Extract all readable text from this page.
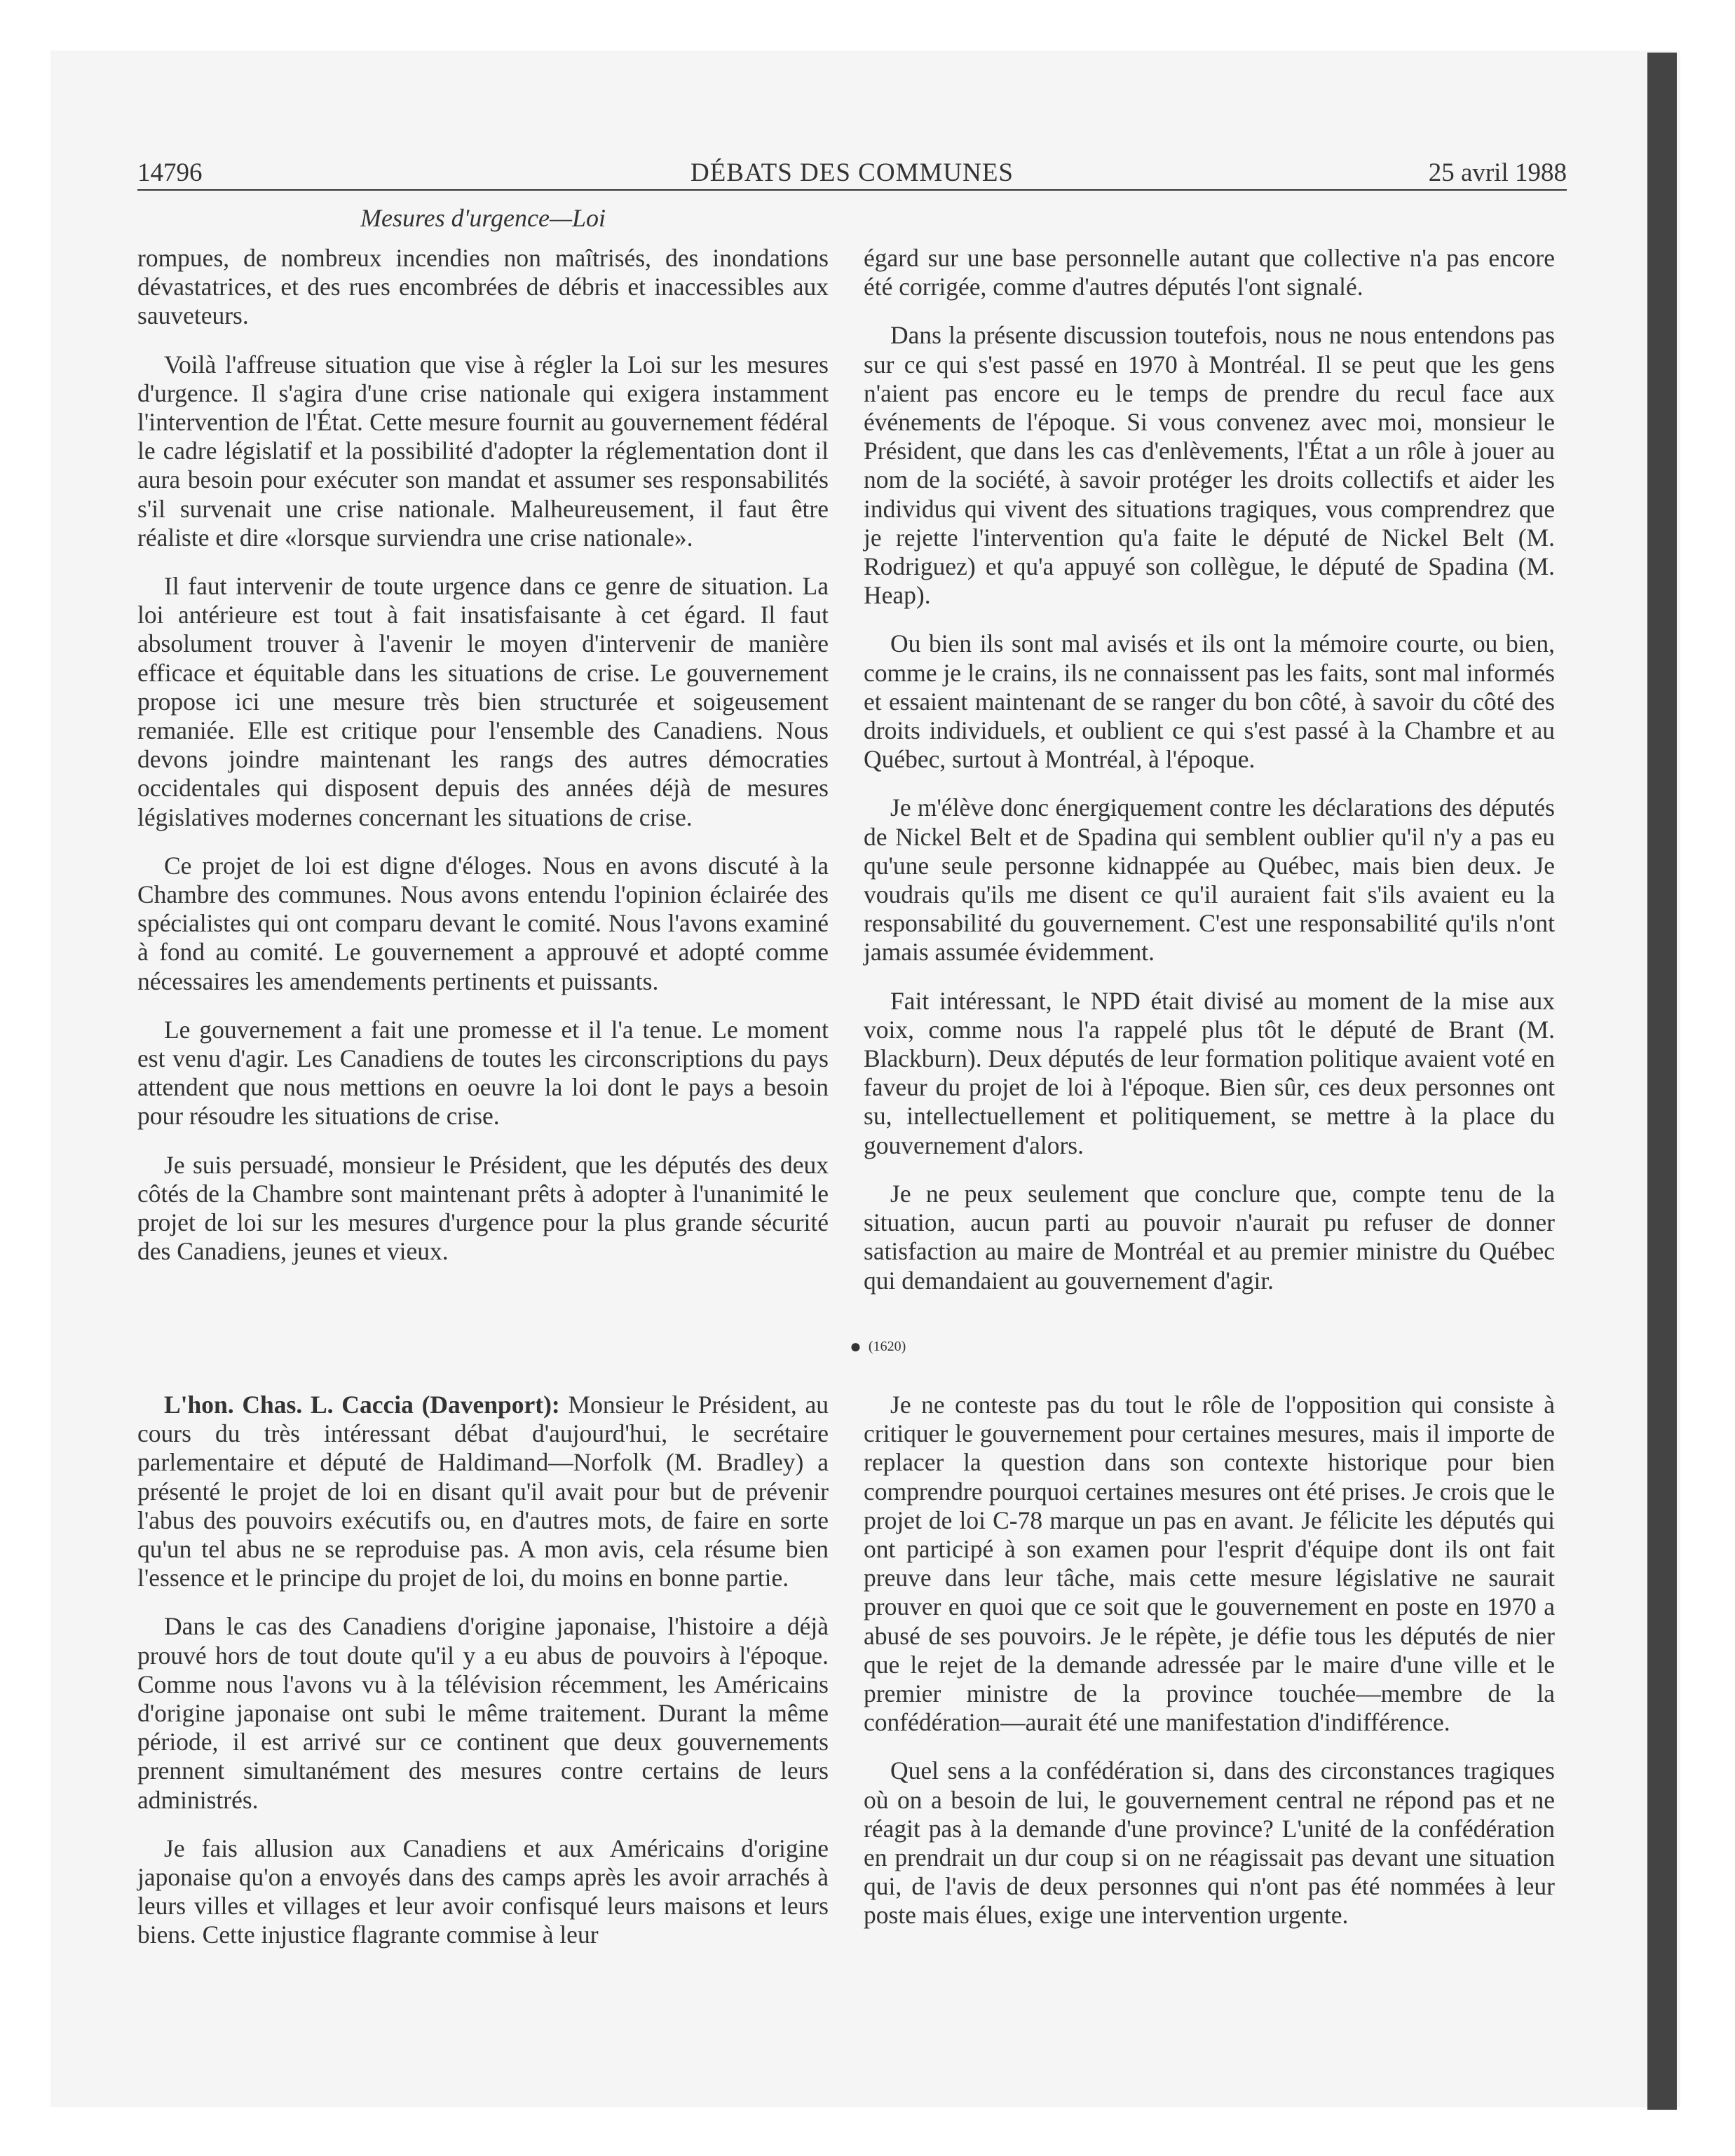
14796	DÉBATS DES COMMUNES	25 avril 1988
Mesures d'urgence—Loi

rompues, de nombreux incendies non maîtrisés, des inondations dévastatrices, et des rues encombrées de débris et inaccessibles aux sauveteurs.

Voilà l'affreuse situation que vise à régler la Loi sur les mesures d'urgence. Il s'agira d'une crise nationale qui exigera instamment l'intervention de l'État. Cette mesure fournit au gouvernement fédéral le cadre législatif et la possibilité d'adopter la réglementation dont il aura besoin pour exécuter son mandat et assumer ses responsabilités s'il survenait une crise nationale. Malheureusement, il faut être réaliste et dire «lorsque surviendra une crise nationale».

Il faut intervenir de toute urgence dans ce genre de situation. La loi antérieure est tout à fait insatisfaisante à cet égard. Il faut absolument trouver à l'avenir le moyen d'intervenir de manière efficace et équitable dans les situations de crise. Le gouvernement propose ici une mesure très bien structurée et soigeusement remaniée. Elle est critique pour l'ensemble des Canadiens. Nous devons joindre maintenant les rangs des autres démocraties occidentales qui disposent depuis des années déjà de mesures législatives modernes concernant les situations de crise.

Ce projet de loi est digne d'éloges. Nous en avons discuté à la Chambre des communes. Nous avons entendu l'opinion éclairée des spécialistes qui ont comparu devant le comité. Nous l'avons examiné à fond au comité. Le gouvernement a approuvé et adopté comme nécessaires les amendements pertinents et puissants.

Le gouvernement a fait une promesse et il l'a tenue. Le moment est venu d'agir. Les Canadiens de toutes les circonscriptions du pays attendent que nous mettions en oeuvre la loi dont le pays a besoin pour résoudre les situations de crise.

Je suis persuadé, monsieur le Président, que les députés des deux côtés de la Chambre sont maintenant prêts à adopter à l'unanimité le projet de loi sur les mesures d'urgence pour la plus grande sécurité des Canadiens, jeunes et vieux.

égard sur une base personnelle autant que collective n'a pas encore été corrigée, comme d'autres députés l'ont signalé.

Dans la présente discussion toutefois, nous ne nous entendons pas sur ce qui s'est passé en 1970 à Montréal. Il se peut que les gens n'aient pas encore eu le temps de prendre du recul face aux événements de l'époque. Si vous convenez avec moi, monsieur le Président, que dans les cas d'enlèvements, l'État a un rôle à jouer au nom de la société, à savoir protéger les droits collectifs et aider les individus qui vivent des situations tragiques, vous comprendrez que je rejette l'intervention qu'a faite le député de Nickel Belt (M. Rodriguez) et qu'a appuyé son collègue, le député de Spadina (M. Heap).

Ou bien ils sont mal avisés et ils ont la mémoire courte, ou bien, comme je le crains, ils ne connaissent pas les faits, sont mal informés et essaient maintenant de se ranger du bon côté, à savoir du côté des droits individuels, et oublient ce qui s'est passé à la Chambre et au Québec, surtout à Montréal, à l'époque.

Je m'élève donc énergiquement contre les déclarations des députés de Nickel Belt et de Spadina qui semblent oublier qu'il n'y a pas eu qu'une seule personne kidnappée au Québec, mais bien deux. Je voudrais qu'ils me disent ce qu'il auraient fait s'ils avaient eu la responsabilité du gouvernement. C'est une responsabilité qu'ils n'ont jamais assumée évidemment.

Fait intéressant, le NPD était divisé au moment de la mise aux voix, comme nous l'a rappelé plus tôt le député de Brant (M. Blackburn). Deux députés de leur formation politique avaient voté en faveur du projet de loi à l'époque. Bien sûr, ces deux personnes ont su, intellectuellement et politiquement, se mettre à la place du gouvernement d'alors.

Je ne peux seulement que conclure que, compte tenu de la situation, aucun parti au pouvoir n'aurait pu refuser de donner satisfaction au maire de Montréal et au premier ministre du Québec qui demandaient au gouvernement d'agir.

● (1620)

L'hon. Chas. L. Caccia (Davenport): Monsieur le Président, au cours du très intéressant débat d'aujourd'hui, le secrétaire parlementaire et député de Haldimand—Norfolk (M. Bradley) a présenté le projet de loi en disant qu'il avait pour but de prévenir l'abus des pouvoirs exécutifs ou, en d'autres mots, de faire en sorte qu'un tel abus ne se reproduise pas. A mon avis, cela résume bien l'essence et le principe du projet de loi, du moins en bonne partie.

Dans le cas des Canadiens d'origine japonaise, l'histoire a déjà prouvé hors de tout doute qu'il y a eu abus de pouvoirs à l'époque. Comme nous l'avons vu à la télévision récemment, les Américains d'origine japonaise ont subi le même traitement. Durant la même période, il est arrivé sur ce continent que deux gouvernements prennent simultanément des mesures contre certains de leurs administrés.

Je fais allusion aux Canadiens et aux Américains d'origine japonaise qu'on a envoyés dans des camps après les avoir arrachés à leurs villes et villages et leur avoir confisqué leurs maisons et leurs biens. Cette injustice flagrante commise à leur

Je ne conteste pas du tout le rôle de l'opposition qui consiste à critiquer le gouvernement pour certaines mesures, mais il importe de replacer la question dans son contexte historique pour bien comprendre pourquoi certaines mesures ont été prises. Je crois que le projet de loi C-78 marque un pas en avant. Je félicite les députés qui ont participé à son examen pour l'esprit d'équipe dont ils ont fait preuve dans leur tâche, mais cette mesure législative ne saurait prouver en quoi que ce soit que le gouvernement en poste en 1970 a abusé de ses pouvoirs. Je le répète, je défie tous les députés de nier que le rejet de la demande adressée par le maire d'une ville et le premier ministre de la province touchée—membre de la confédération—aurait été une manifestation d'indifférence.

Quel sens a la confédération si, dans des circonstances tragiques où on a besoin de lui, le gouvernement central ne répond pas et ne réagit pas à la demande d'une province? L'unité de la confédération en prendrait un dur coup si on ne réagissait pas devant une situation qui, de l'avis de deux personnes qui n'ont pas été nommées à leur poste mais élues, exige une intervention urgente.
